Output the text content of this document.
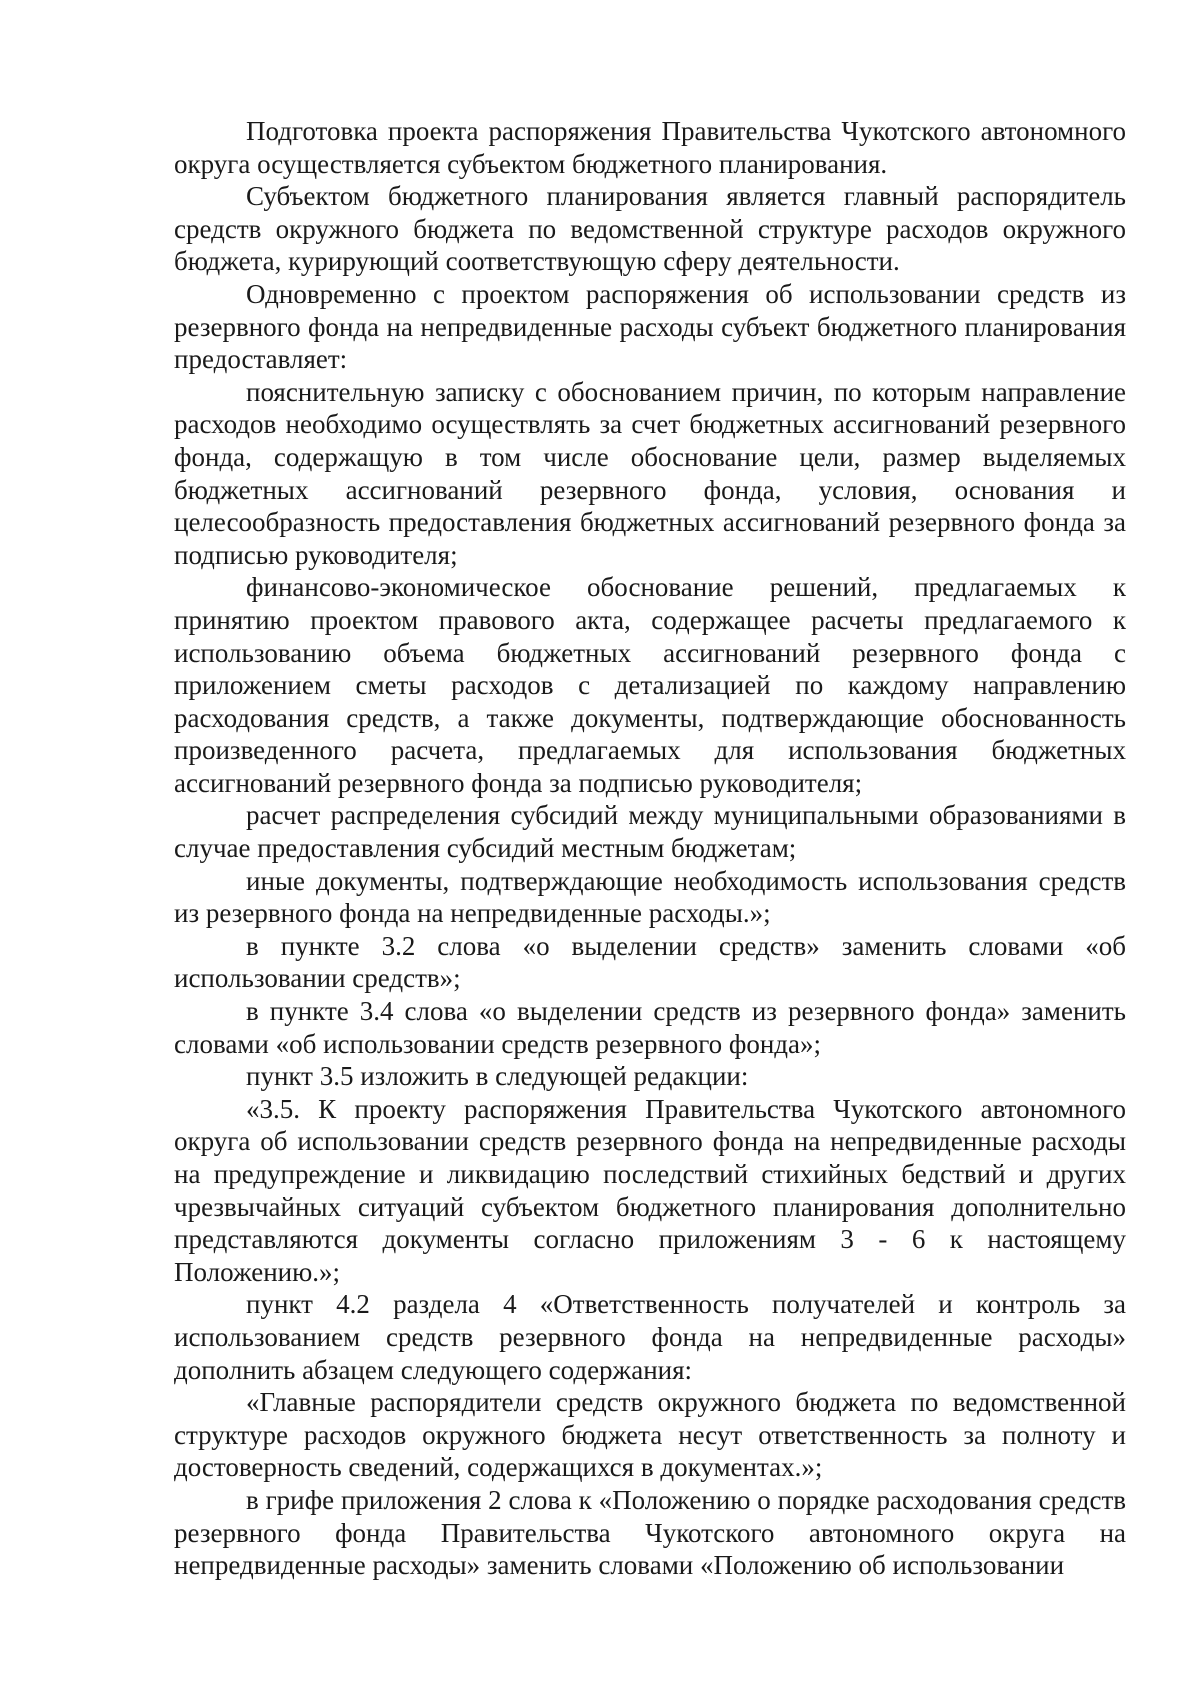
Подготовка проекта распоряжения Правительства Чукотского автономного округа осуществляется субъектом бюджетного планирования.

Субъектом бюджетного планирования является главный распорядитель средств окружного бюджета по ведомственной структуре расходов окружного бюджета, курирующий соответствующую сферу деятельности.

Одновременно с проектом распоряжения об использовании средств из резервного фонда на непредвиденные расходы субъект бюджетного планирования предоставляет:

пояснительную записку с обоснованием причин, по которым направление расходов необходимо осуществлять за счет бюджетных ассигнований резервного фонда, содержащую в том числе обоснование цели, размер выделяемых бюджетных ассигнований резервного фонда, условия, основания и целесообразность предоставления бюджетных ассигнований резервного фонда за подписью руководителя;

финансово-экономическое обоснование решений, предлагаемых к принятию проектом правового акта, содержащее расчеты предлагаемого к использованию объема бюджетных ассигнований резервного фонда с приложением сметы расходов с детализацией по каждому направлению расходования средств, а также документы, подтверждающие обоснованность произведенного расчета, предлагаемых для использования бюджетных ассигнований резервного фонда за подписью руководителя;

расчет распределения субсидий между муниципальными образованиями в случае предоставления субсидий местным бюджетам;

иные документы, подтверждающие необходимость использования средств из резервного фонда на непредвиденные расходы.»;

в пункте 3.2 слова «о выделении средств» заменить словами «об использовании средств»;

в пункте 3.4 слова «о выделении средств из резервного фонда» заменить словами «об использовании средств резервного фонда»;

пункт 3.5 изложить в следующей редакции:

«3.5. К проекту распоряжения Правительства Чукотского автономного округа об использовании средств резервного фонда на непредвиденные расходы на предупреждение и ликвидацию последствий стихийных бедствий и других чрезвычайных ситуаций субъектом бюджетного планирования дополнительно представляются документы согласно приложениям 3 - 6 к настоящему Положению.»;

пункт 4.2 раздела 4 «Ответственность получателей и контроль за использованием средств резервного фонда на непредвиденные расходы» дополнить абзацем следующего содержания:

«Главные распорядители средств окружного бюджета по ведомственной структуре расходов окружного бюджета несут ответственность за полноту и достоверность сведений, содержащихся в документах.»;

в грифе приложения 2 слова к «Положению о порядке расходования средств резервного фонда Правительства Чукотского автономного округа на непредвиденные расходы» заменить словами «Положению об использовании
